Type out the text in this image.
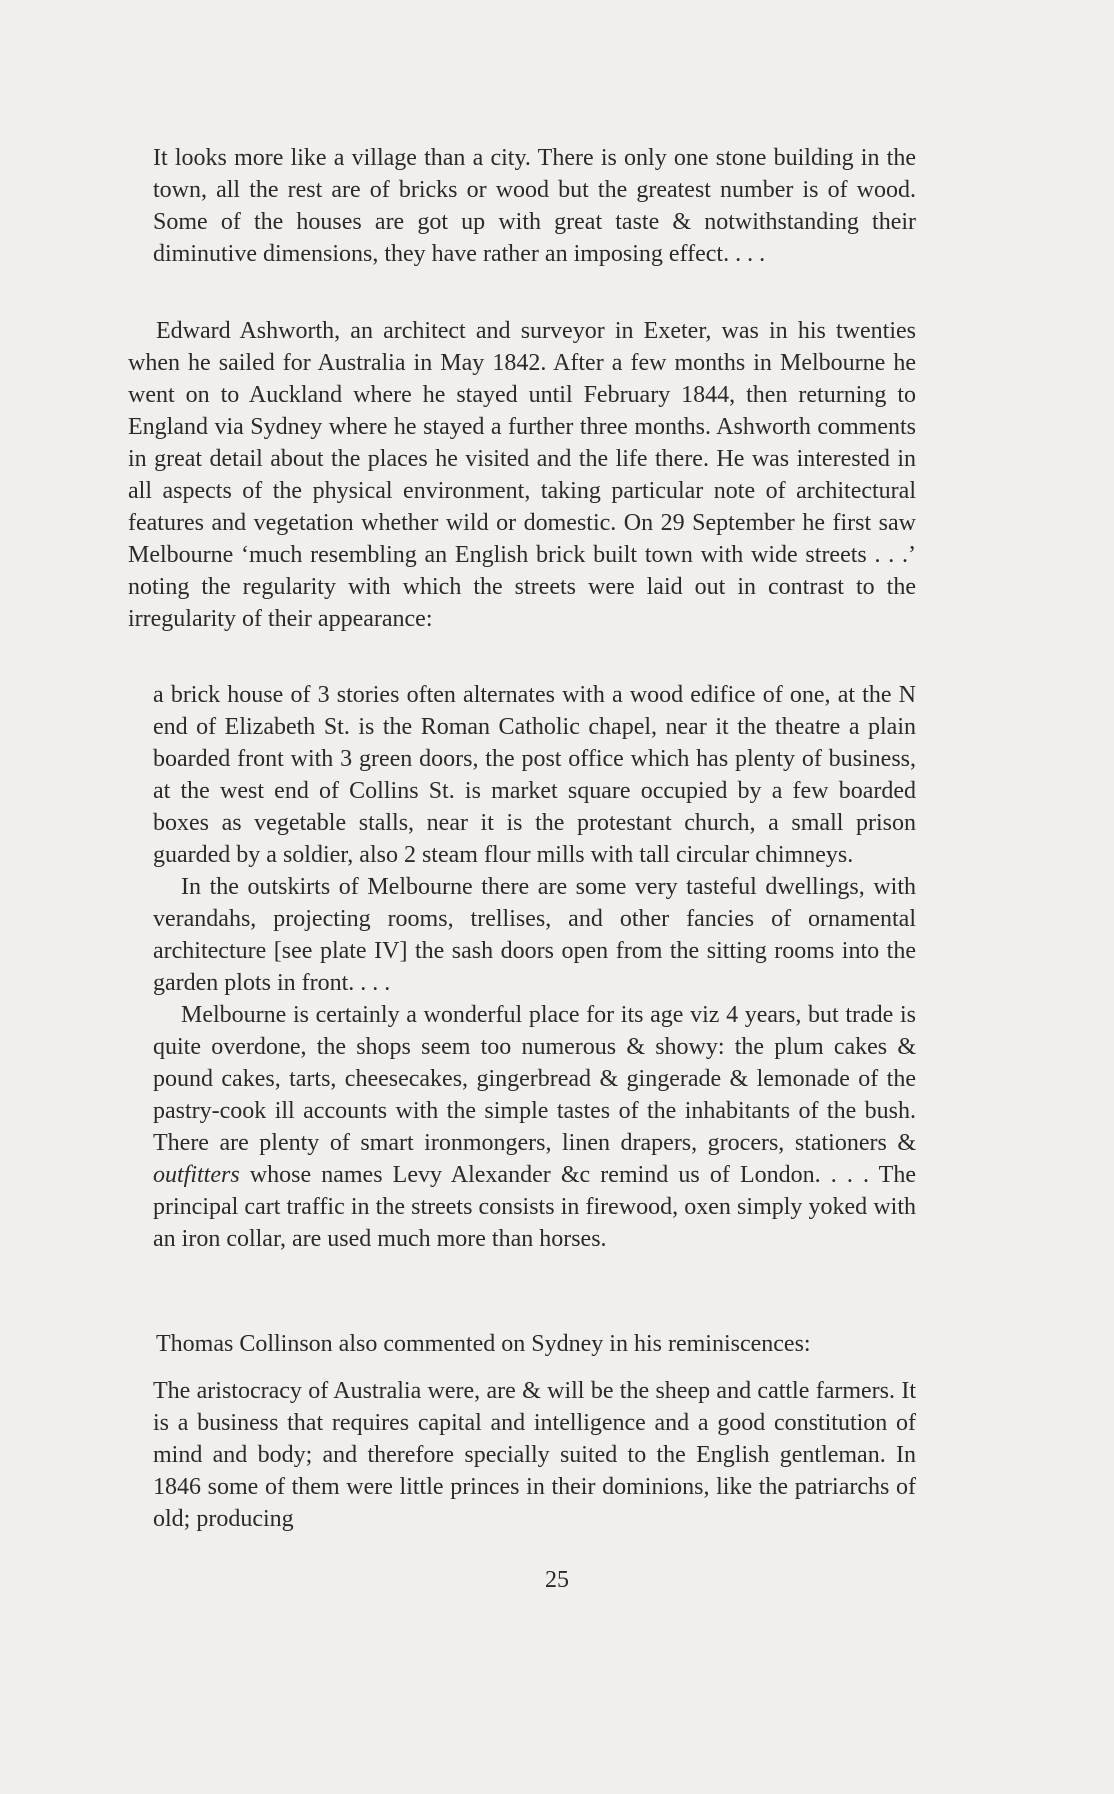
It looks more like a village than a city. There is only one stone building in the town, all the rest are of bricks or wood but the greatest number is of wood. Some of the houses are got up with great taste & notwithstanding their diminutive dimensions, they have rather an imposing effect. . . .

Edward Ashworth, an architect and surveyor in Exeter, was in his twenties when he sailed for Australia in May 1842. After a few months in Melbourne he went on to Auckland where he stayed until February 1844, then returning to England via Sydney where he stayed a further three months. Ashworth comments in great detail about the places he visited and the life there. He was interested in all aspects of the physical environment, taking particular note of architectural features and vegetation whether wild or domestic. On 29 September he first saw Melbourne ‘much resembling an English brick built town with wide streets . . .’ noting the regularity with which the streets were laid out in contrast to the irregularity of their appearance:

a brick house of 3 stories often alternates with a wood edifice of one, at the N end of Elizabeth St. is the Roman Catholic chapel, near it the theatre a plain boarded front with 3 green doors, the post office which has plenty of business, at the west end of Collins St. is market square occupied by a few boarded boxes as vegetable stalls, near it is the protestant church, a small prison guarded by a soldier, also 2 steam flour mills with tall circular chimneys.

In the outskirts of Melbourne there are some very tasteful dwellings, with verandahs, projecting rooms, trellises, and other fancies of ornamental architecture [see plate IV] the sash doors open from the sitting rooms into the garden plots in front. . . .

Melbourne is certainly a wonderful place for its age viz 4 years, but trade is quite overdone, the shops seem too numerous & showy: the plum cakes & pound cakes, tarts, cheesecakes, gingerbread & gingerade & lemonade of the pastry-cook ill accounts with the simple tastes of the inhabitants of the bush. There are plenty of smart ironmongers, linen drapers, grocers, stationers & outfitters whose names Levy Alexander &c remind us of London. . . . The principal cart traffic in the streets consists in firewood, oxen simply yoked with an iron collar, are used much more than horses.

Thomas Collinson also commented on Sydney in his reminiscences:

The aristocracy of Australia were, are & will be the sheep and cattle farmers. It is a business that requires capital and intelligence and a good constitution of mind and body; and therefore specially suited to the English gentleman. In 1846 some of them were little princes in their dominions, like the patriarchs of old; producing

25
